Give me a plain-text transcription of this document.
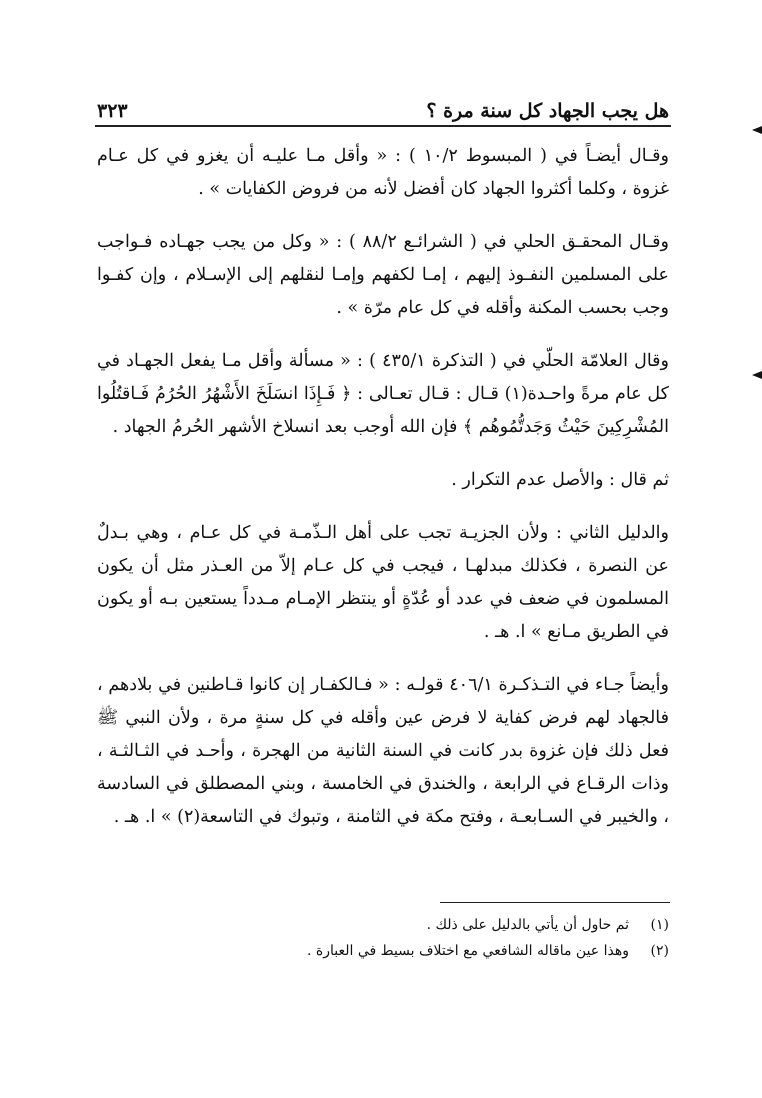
هل يجب الجهاد كل سنة مرة ؟
٣٢٣

وقـال أيضـاً في ( المبسوط ١٠/٢ ) : « وأقل مـا عليـه أن يغزو في كل عـام غزوة ، وكلما أكثروا الجهاد كان أفضل لأنه من فروض الكفايات » .

وقـال المحقـق الحلي في ( الشرائـع ٨٨/٢ ) : « وكل من يجب جهـاده فـواجب على المسلمين النفـوذ إليهم ، إمـا لكفهم وإمـا لنقلهم إلى الإسـلام ، وإن كفـوا وجب بحسب المكنة وأقله في كل عام مرّة » .

وقال العلامّة الحلّي في ( التذكرة ٤٣٥/١ ) : « مسألة وأقل مـا يفعل الجهـاد في كل عام مرةً واحـدة(١) قـال : قـال تعـالى : ﴿ فَـإِذَا انسَلَخَ الأَشْهُرُ الحُرُمُ فَـاقتُلُوا المُشْرِكِينَ حَيْثُ وَجَدتُّمُوهُم ﴾ فإن الله أوجب بعد انسلاخ الأشهر الحُرمُ الجهاد .

ثم قال : والأصل عدم التكرار .

والدليل الثاني : ولأن الجزيـة تجب على أهل الـذّمـة في كل عـام ، وهي بـدلٌ عن النصرة ، فكذلك مبدلهـا ، فيجب في كل عـام إلاّ من العـذر مثل أن يكون المسلمون في ضعف في عدد أو عُدّةٍ أو ينتظر الإمـام مـدداً يستعين بـه أو يكون في الطريق مـانع » ا. هـ .

وأيضاً جـاء في التـذكـرة ٤٠٦/١ قولـه : « فـالكفـار إن كانوا قـاطنين في بلادهم ، فالجهاد لهم فرض كفاية لا فرض عين وأقله في كل سنةٍ مرة ، ولأن النبي ﷺ فعل ذلك فإن غزوة بدر كانت في السنة الثانية من الهجرة ، وأحـد في الثـالثـة ، وذات الرقـاع في الرابعة ، والخندق في الخامسة ، وبني المصطلق في السادسة ، والخيبر في السـابعـة ، وفتح مكة في الثامنة ، وتبوك في التاسعة(٢) » ا. هـ .

(١)
ثم حاول أن يأتي بالدليل على ذلك .
(٢)
وهذا عين ماقاله الشافعي مع اختلاف بسيط في العبارة .
